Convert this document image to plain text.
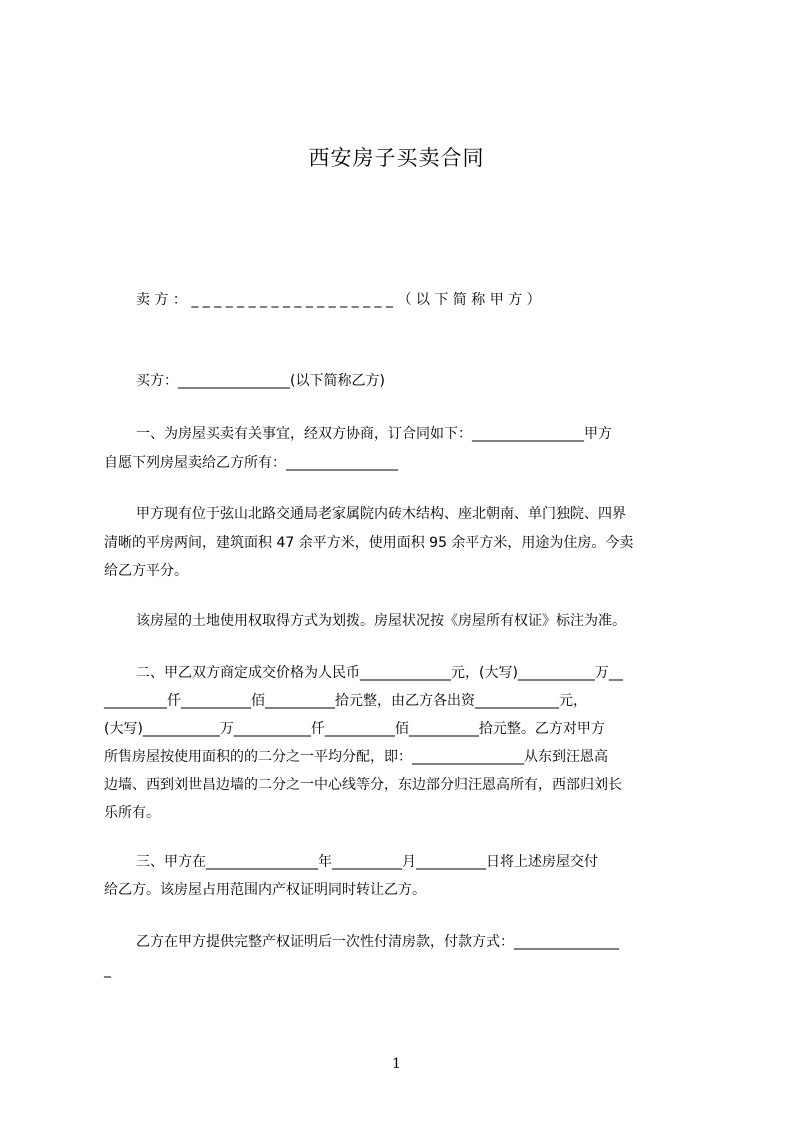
西安房子买卖合同
卖 方 ： _ _ _ _ _ _ _ _ _ _ _ _ _ _ _ _ _ _ （ 以 下 简 称 甲 方 ）
买方：________________(以下简称乙方)
一、为房屋买卖有关事宜，经双方协商，订合同如下：________________甲方
自愿下列房屋卖给乙方所有：________________
甲方现有位于弦山北路交通局老家属院内砖木结构、座北朝南、单门独院、四界
清晰的平房两间，建筑面积 47 余平方米，使用面积 95 余平方米，用途为住房。今卖
给乙方平分。
该房屋的土地使用权取得方式为划拨。房屋状况按《房屋所有权证》标注为准。
二、甲乙双方商定成交价格为人民币_____________元，(大写)___________万__
_________仟__________佰__________拾元整，由乙方各出资____________元，
(大写)___________万___________仟__________佰__________拾元整。乙方对甲方
所售房屋按使用面积的的二分之一平均分配，即：________________从东到汪恩高
边墙、西到刘世昌边墙的二分之一中心线等分，东边部分归汪恩高所有，西部归刘长
乐所有。
三、甲方在________________年__________月__________日将上述房屋交付
给乙方。该房屋占用范围内产权证明同时转让乙方。
乙方在甲方提供完整产权证明后一次性付清房款，付款方式：_______________
_
1
